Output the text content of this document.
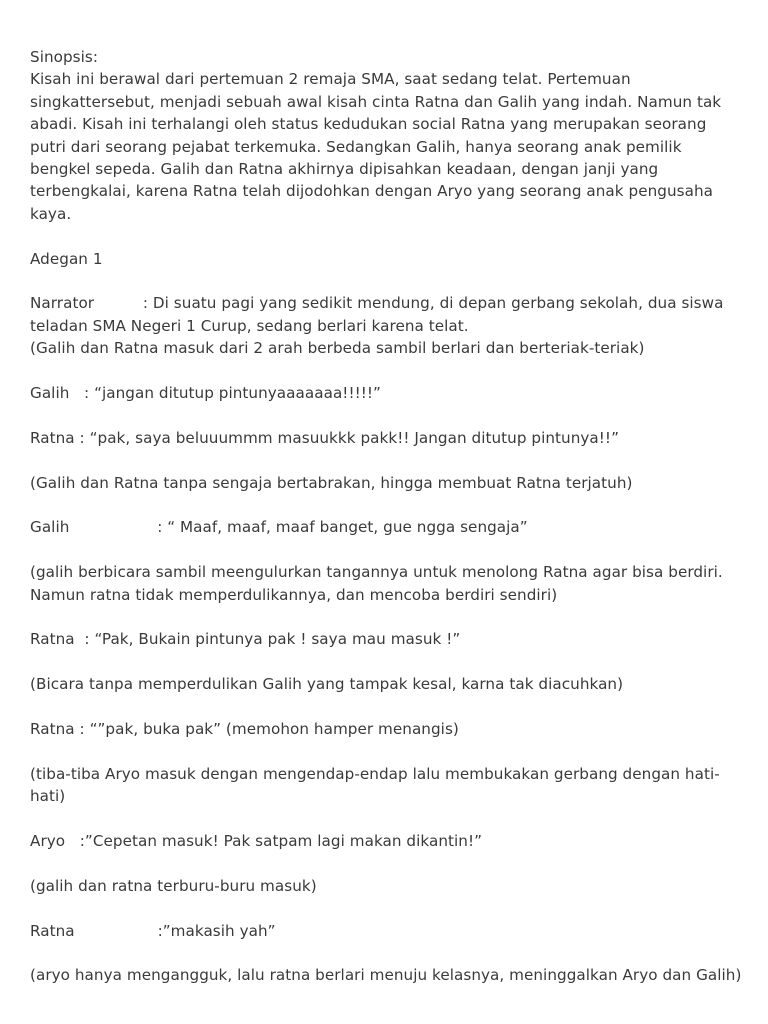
Sinopsis:

Kisah ini berawal dari pertemuan 2 remaja SMA, saat sedang telat. Pertemuan singkattersebut, menjadi sebuah awal kisah cinta Ratna dan Galih yang indah. Namun tak abadi. Kisah ini terhalangi oleh status kedudukan social Ratna yang merupakan seorang putri dari seorang pejabat terkemuka. Sedangkan Galih, hanya seorang anak pemilik bengkel sepeda. Galih dan Ratna akhirnya dipisahkan keadaan, dengan janji yang terbengkalai, karena Ratna telah dijodohkan dengan Aryo yang seorang anak pengusaha kaya.

Adegan 1

Narrator          : Di suatu pagi yang sedikit mendung, di depan gerbang sekolah, dua siswa teladan SMA Negeri 1 Curup, sedang berlari karena telat.
(Galih dan Ratna masuk dari 2 arah berbeda sambil berlari dan berteriak-teriak)

Galih   : “jangan ditutup pintunyaaaaaaa!!!!!”

Ratna : “pak, saya beluuummm masuukkk pakk!! Jangan ditutup pintunya!!”

(Galih dan Ratna tanpa sengaja bertabrakan, hingga membuat Ratna terjatuh)

Galih                  : “ Maaf, maaf, maaf banget, gue ngga sengaja”

(galih berbicara sambil meengulurkan tangannya untuk menolong Ratna agar bisa berdiri. Namun ratna tidak memperdulikannya, dan mencoba berdiri sendiri)

Ratna  : “Pak, Bukain pintunya pak ! saya mau masuk !”

(Bicara tanpa memperdulikan Galih yang tampak kesal, karna tak diacuhkan)

Ratna : “”pak, buka pak” (memohon hamper menangis)

(tiba-tiba Aryo masuk dengan mengendap-endap lalu membukakan gerbang dengan hati-hati)

Aryo   :”Cepetan masuk! Pak satpam lagi makan dikantin!”

(galih dan ratna terburu-buru masuk)

Ratna                 :”makasih yah”

(aryo hanya mengangguk, lalu ratna berlari menuju kelasnya, meninggalkan Aryo dan Galih)
